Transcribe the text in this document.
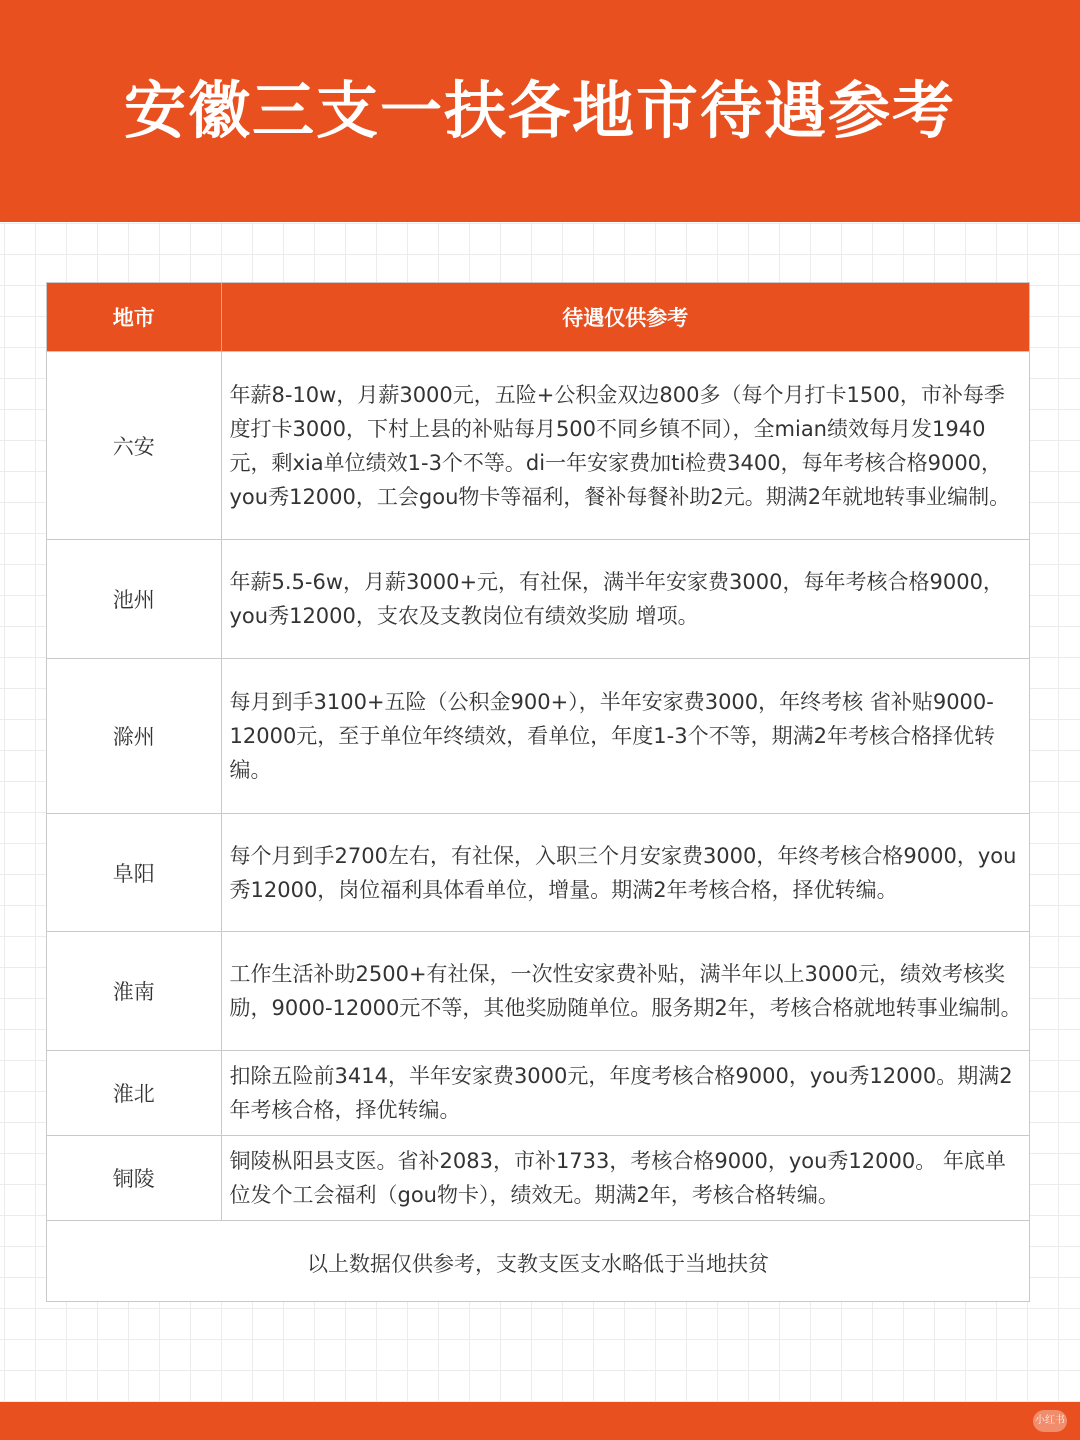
安徽三支一扶各地市待遇参考
地市	待遇仅供参考
六安	年薪8-10w，月薪3000元，五险+公积金双边800多（每个月打卡1500，市补每季度打卡3000，下村上县的补贴每月500不同乡镇不同），全mian绩效每月发1940元，剩xia单位绩效1-3个不等。di一年安家费加ti检费3400，每年考核合格9000，you秀12000，工会gou物卡等福利，餐补每餐补助2元。期满2年就地转事业编制。
池州	年薪5.5-6w，月薪3000+元，有社保，满半年安家费3000，每年考核合格9000，you秀12000，支农及支教岗位有绩效奖励 增项。
滁州	每月到手3100+五险（公积金900+），半年安家费3000，年终考核 省补贴9000-12000元，至于单位年终绩效，看单位，年度1-3个不等，期满2年考核合格择优转编。
阜阳	每个月到手2700左右，有社保，入职三个月安家费3000，年终考核合格9000，you秀12000，岗位福利具体看单位，增量。期满2年考核合格，择优转编。
淮南	工作生活补助2500+有社保，一次性安家费补贴，满半年以上3000元，绩效考核奖励，9000-12000元不等，其他奖励随单位。服务期2年，考核合格就地转事业编制。
淮北	扣除五险前3414，半年安家费3000元，年度考核合格9000，you秀12000。期满2年考核合格，择优转编。
铜陵	铜陵枞阳县支医。省补2083，市补1733，考核合格9000，you秀12000。 年底单位发个工会福利（gou物卡），绩效无。期满2年，考核合格转编。
以上数据仅供参考，支教支医支水略低于当地扶贫	
小红书
